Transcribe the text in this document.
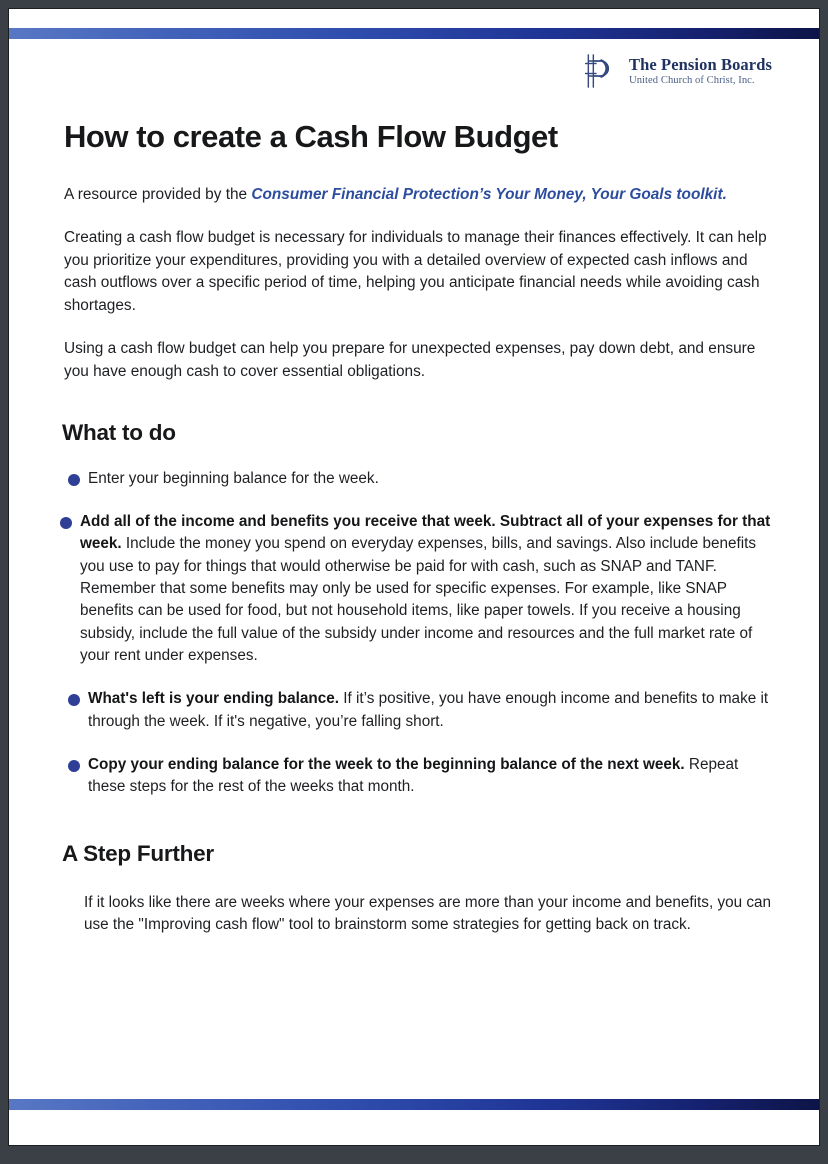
The Pension Boards
United Church of Christ, Inc.
How to create a Cash Flow Budget

A resource provided by the Consumer Financial Protection’s Your Money, Your Goals toolkit.

Creating a cash flow budget is necessary for individuals to manage their finances effectively. It can help you prioritize your expenditures, providing you with a detailed overview of expected cash inflows and cash outflows over a specific period of time, helping you anticipate financial needs while avoiding cash shortages.

Using a cash flow budget can help you prepare for unexpected expenses, pay down debt, and ensure you have enough cash to cover essential obligations.

What to do
Enter your beginning balance for the week.
Add all of the income and benefits you receive that week. Subtract all of your expenses for that week. Include the money you spend on everyday expenses, bills, and savings. Also include benefits you use to pay for things that would otherwise be paid for with cash, such as SNAP and TANF. Remember that some benefits may only be used for specific expenses. For example, like SNAP benefits can be used for food, but not household items, like paper towels. If you receive a housing subsidy, include the full value of the subsidy under income and resources and the full market rate of your rent under expenses.
What's left is your ending balance. If it’s positive, you have enough income and benefits to make it through the week. If it's negative, you’re falling short.
Copy your ending balance for the week to the beginning balance of the next week. Repeat these steps for the rest of the weeks that month.
A Step Further

If it looks like there are weeks where your expenses are more than your income and benefits, you can use the "Improving cash flow" tool to brainstorm some strategies for getting back on track.
